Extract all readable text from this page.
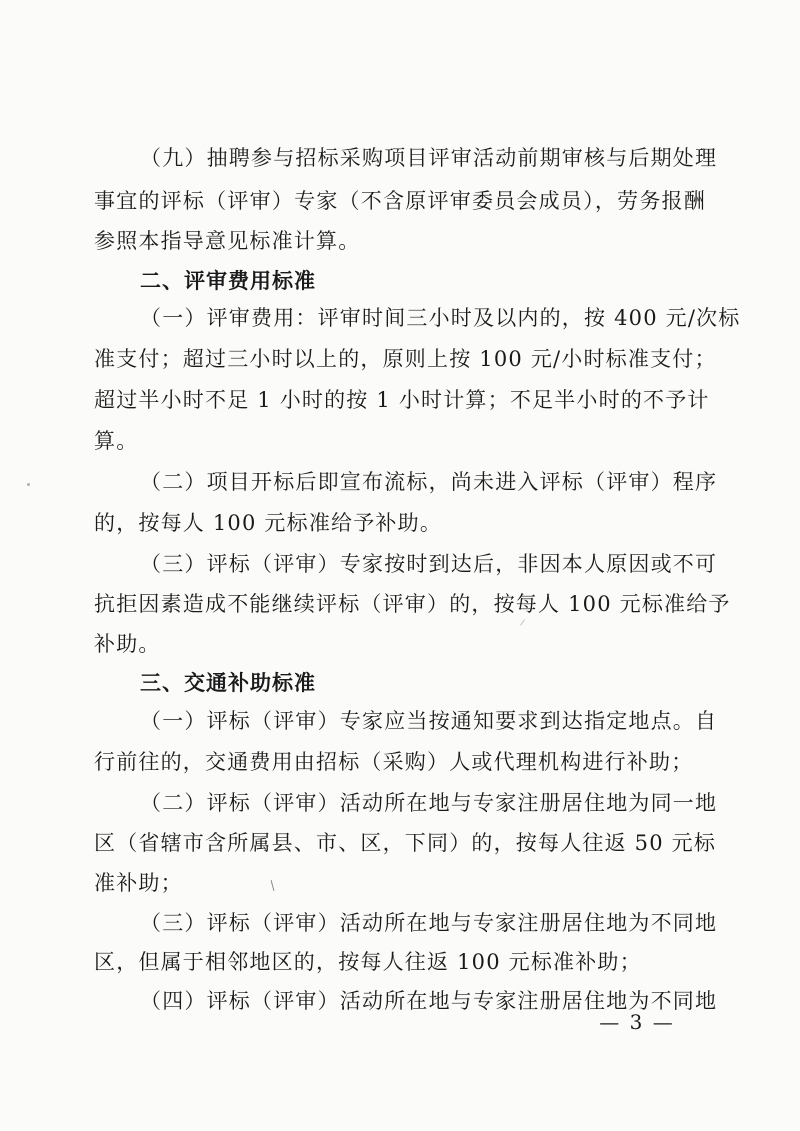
（九）抽聘参与招标采购项目评审活动前期审核与后期处理
事宜的评标（评审）专家（不含原评审委员会成员），劳务报酬
参照本指导意见标准计算。
二、评审费用标准
（一）评审费用：评审时间三小时及以内的，按 400 元/次标
准支付；超过三小时以上的，原则上按 100 元/小时标准支付；
超过半小时不足 1 小时的按 1 小时计算；不足半小时的不予计
算。
（二）项目开标后即宣布流标，尚未进入评标（评审）程序
的，按每人 100 元标准给予补助。
（三）评标（评审）专家按时到达后，非因本人原因或不可
抗拒因素造成不能继续评标（评审）的，按每人 100 元标准给予
补助。
三、交通补助标准
（一）评标（评审）专家应当按通知要求到达指定地点。自
行前往的，交通费用由招标（采购）人或代理机构进行补助；
（二）评标（评审）活动所在地与专家注册居住地为同一地
区（省辖市含所属县、市、区，下同）的，按每人往返 50 元标
准补助；
（三）评标（评审）活动所在地与专家注册居住地为不同地
区，但属于相邻地区的，按每人往返 100 元标准补助；
（四）评标（评审）活动所在地与专家注册居住地为不同地
— 3 —
